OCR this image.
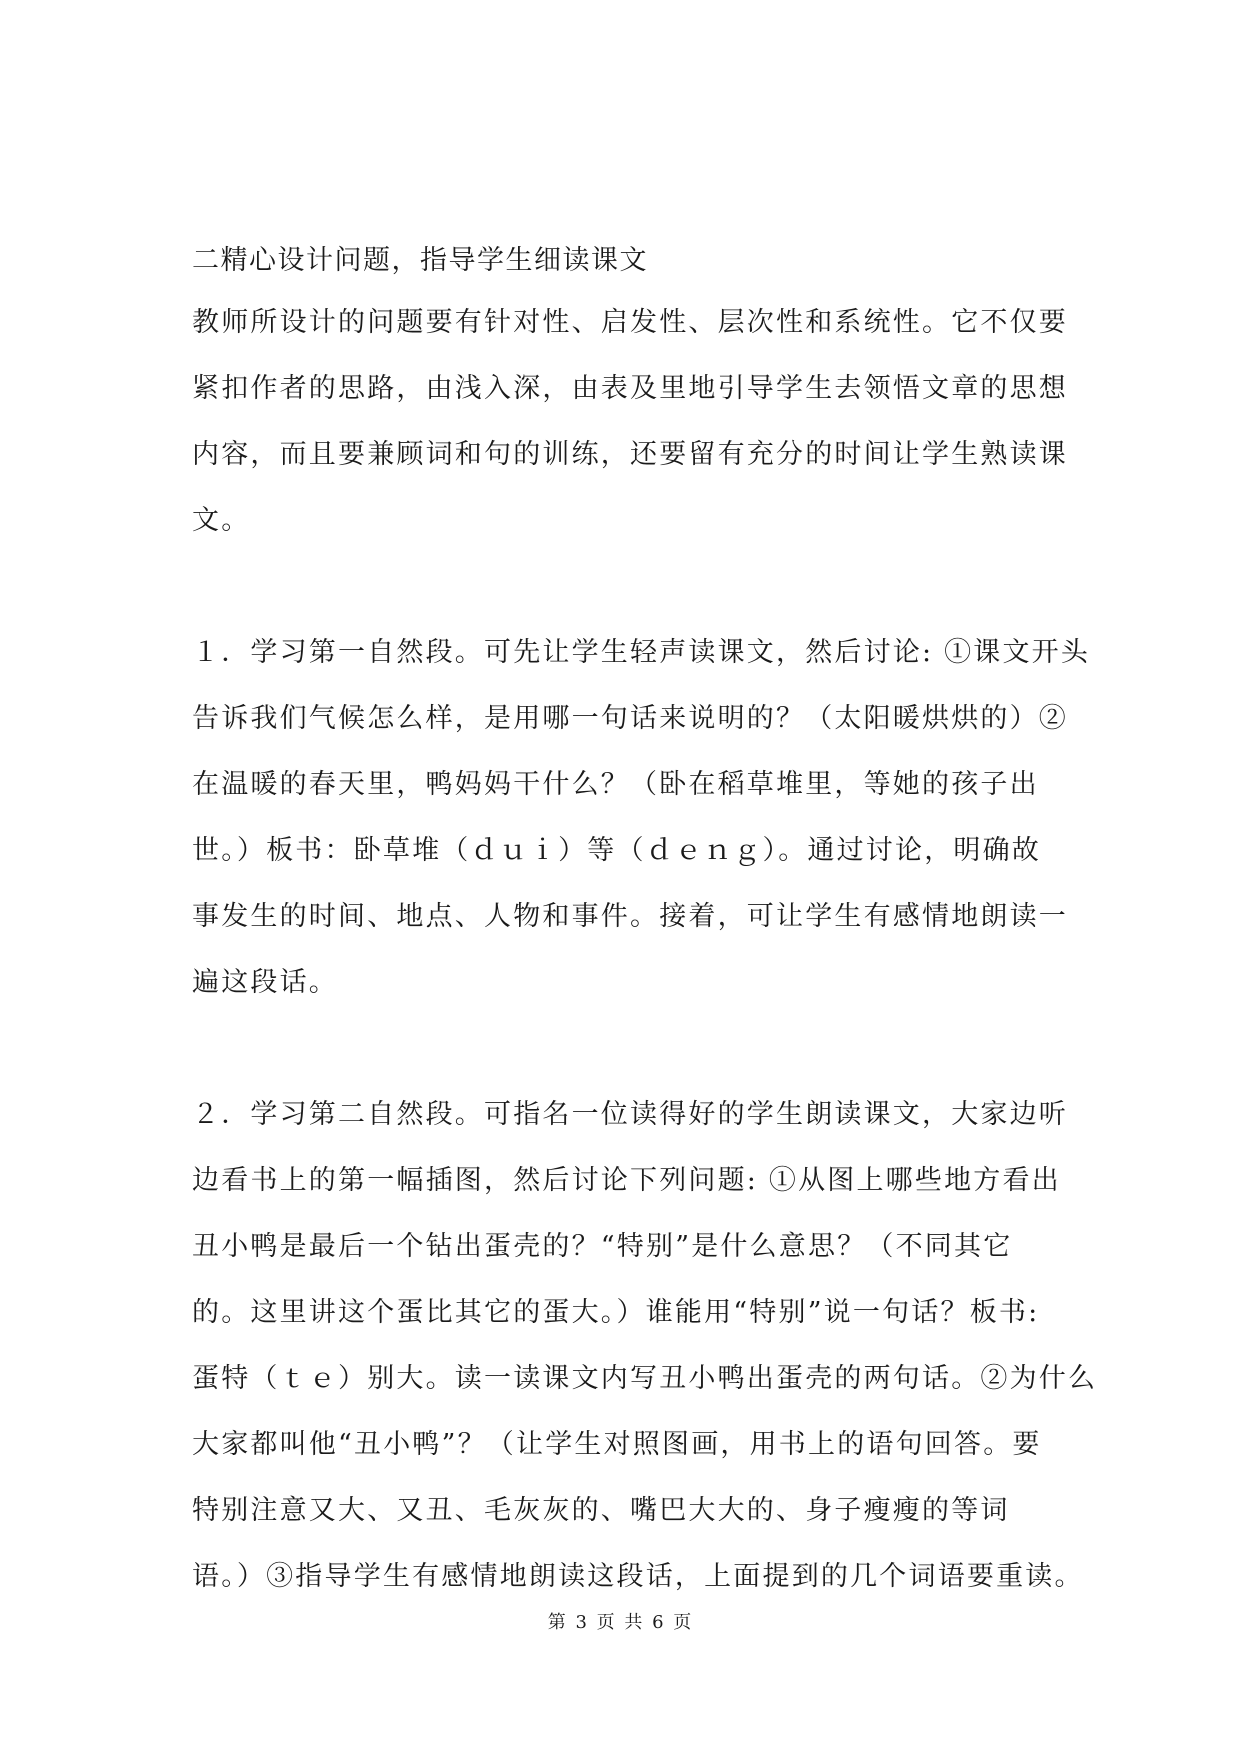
二精心设计问题，指导学生细读课文
教师所设计的问题要有针对性、启发性、层次性和系统性。它不仅要
紧扣作者的思路，由浅入深，由表及里地引导学生去领悟文章的思想
内容，而且要兼顾词和句的训练，还要留有充分的时间让学生熟读课
文。
１．学习第一自然段。可先让学生轻声读课文，然后讨论: ①课文开头
告诉我们气候怎么样，是用哪一句话来说明的？（太阳暖烘烘的）②
在温暖的春天里，鸭妈妈干什么？（卧在稻草堆里，等她的孩子出
世。）板书：卧草堆（ｄｕｉ）等（ｄｅｎｇ）。通过讨论，明确故
事发生的时间、地点、人物和事件。接着，可让学生有感情地朗读一
遍这段话。
２．学习第二自然段。可指名一位读得好的学生朗读课文，大家边听
边看书上的第一幅插图，然后讨论下列问题: ①从图上哪些地方看出
丑小鸭是最后一个钻出蛋壳的？“特别”是什么意思？（不同其它
的。这里讲这个蛋比其它的蛋大。）谁能用“特别”说一句话？板书:
蛋特（ｔｅ）别大。读一读课文内写丑小鸭出蛋壳的两句话。②为什么
大家都叫他“丑小鸭”？（让学生对照图画，用书上的语句回答。要
特别注意又大、又丑、毛灰灰的、嘴巴大大的、身子瘦瘦的等词
语。）③指导学生有感情地朗读这段话，上面提到的几个词语要重读。
第 3 页 共 6 页
